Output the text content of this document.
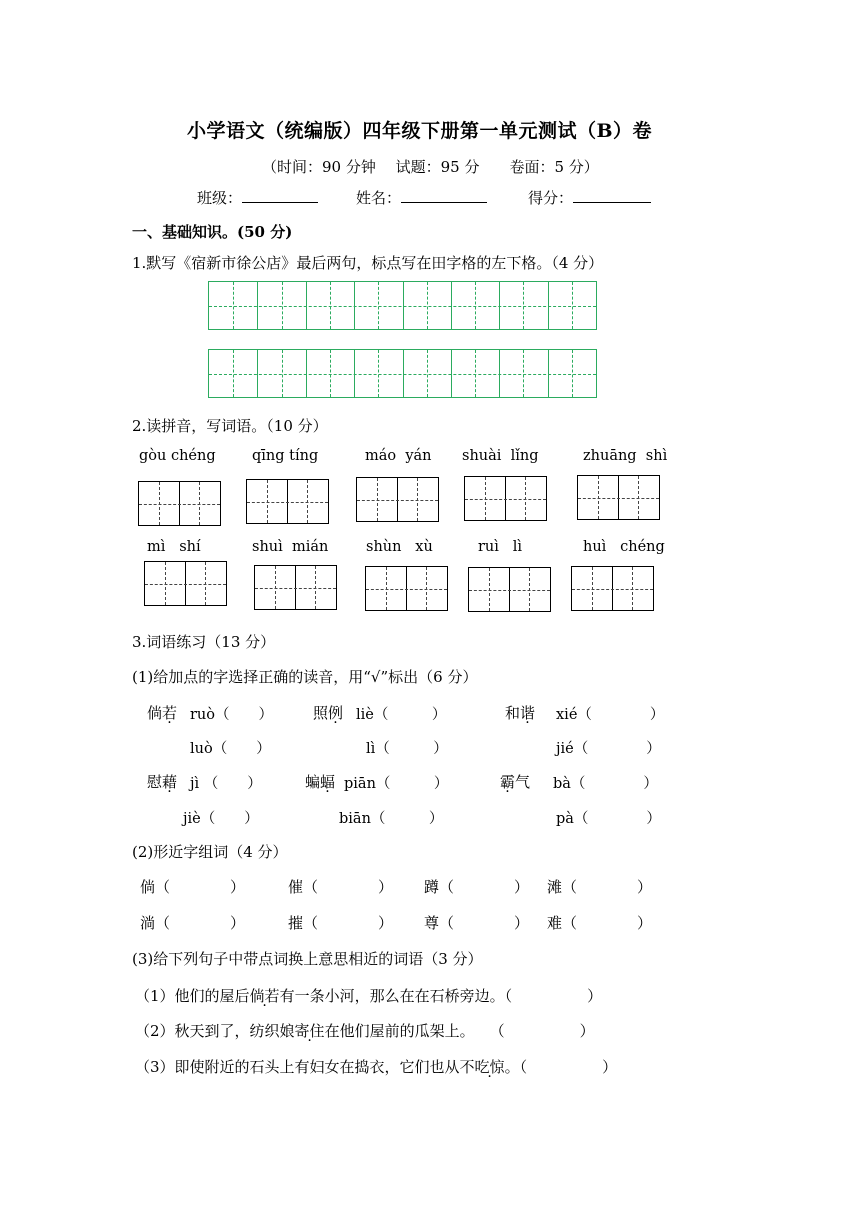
小学语文（统编版）四年级下册第一单元测试（B）卷
（时间：90 分钟　 试题：95 分　　卷面：5 分）
班级：	姓名：	得分：
一、基础知识。(50 分)
1.默写《宿新市徐公店》最后两句，标点写在田字格的左下格。（4 分）
2.读拼音，写词语。（10 分）
gòu chéng	qīng tíng	máo  yán shuài  lǐng	zhuāng  shì
mì   shí	shuì  mián	shùn   xù	ruì   lì	huì   chéng
3.词语练习（13 分）
(1)给加点的字选择正确的读音，用“√”标出（6 分）
倘若 ruò（　　）	照例 liè（　　　）	和谐 xié（　　　　）
luò（　　）	lì（　　　）	jié（　　　　）
慰藉 jì （　　）	蝙蝠 piān（　　　）	霸气 bà（　　　　）
jiè（　　）	biān（　　　）	pà（　　　　）
(2)形近字组词（4 分）
倘（　　　　）	催（　　　　） 蹲（　　　　） 滩（　　　　）
淌（　　　　）	摧（　　　　） 尊（　　　　） 难（　　　　）
(3)给下列句子中带点词换上意思相近的词语（3 分）
（1）他们的屋后倘若有一条小河，那么在在石桥旁边。（　　　　　）
（2）秋天到了，纺织娘寄住在他们屋前的瓜架上。　　（　　　　　）
（3）即使附近的石头上有妇女在捣衣，它们也从不吃惊。（　　　　　）
